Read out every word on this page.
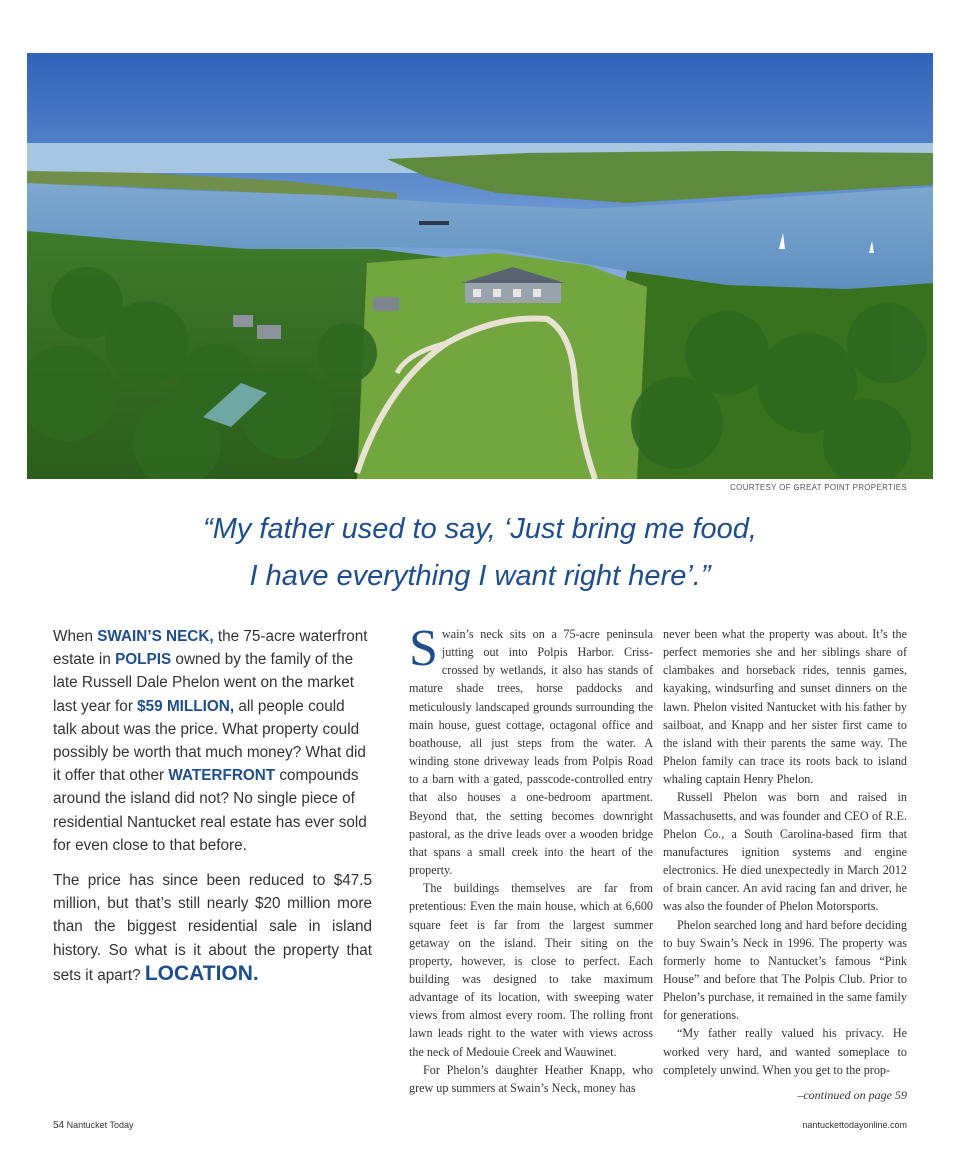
COURTESY OF GREAT POINT PROPERTIES
“My father used to say, ‘Just bring me food,
I have everything I want right here’.”

When SWAIN’S NECK, the 75-acre waterfront estate in POLPIS owned by the family of the late Russell Dale Phelon went on the market last year for $59 MILLION, all people could talk about was the price. What property could possibly be worth that much money? What did it offer that other WATERFRONT compounds around the island did not? No single piece of residential Nantucket real estate has ever sold for even close to that before.

The price has since been reduced to $47.5 million, but that’s still nearly $20 million more than the biggest residential sale in island history. So what is it about the property that sets it apart? LOCATION.

Swain’s neck sits on a 75-acre peninsula jutting out into Polpis Harbor. Criss-crossed by wetlands, it also has stands of mature shade trees, horse paddocks and meticulously landscaped grounds surrounding the main house, guest cottage, octagonal office and boathouse, all just steps from the water. A winding stone driveway leads from Polpis Road to a barn with a gated, passcode-controlled entry that also houses a one-bedroom apartment. Beyond that, the setting becomes downright pastoral, as the drive leads over a wooden bridge that spans a small creek into the heart of the property.

The buildings themselves are far from pretentious: Even the main house, which at 6,600 square feet is far from the largest summer getaway on the island. Their siting on the property, however, is close to perfect. Each building was designed to take maximum advantage of its location, with sweeping water views from almost every room. The rolling front lawn leads right to the water with views across the neck of Medouie Creek and Wauwinet.

For Phelon’s daughter Heather Knapp, who grew up summers at Swain’s Neck, money has

never been what the property was about. It’s the perfect memories she and her siblings share of clambakes and horseback rides, tennis games, kayaking, windsurfing and sunset dinners on the lawn. Phelon visited Nantucket with his father by sailboat, and Knapp and her sister first came to the island with their parents the same way. The Phelon family can trace its roots back to island whaling captain Henry Phelon.

Russell Phelon was born and raised in Massachusetts, and was founder and CEO of R.E. Phelon Co., a South Carolina-based firm that manufactures ignition systems and engine electronics. He died unexpectedly in March 2012 of brain cancer. An avid racing fan and driver, he was also the founder of Phelon Motorsports.

Phelon searched long and hard before deciding to buy Swain’s Neck in 1996. The property was formerly home to Nantucket’s famous “Pink House” and before that The Polpis Club. Prior to Phelon’s purchase, it remained in the same family for generations.

“My father really valued his privacy. He worked very hard, and wanted someplace to completely unwind. When you get to the prop-

–continued on page 59
54 Nantucket Today	nantuckettodayonline.com
